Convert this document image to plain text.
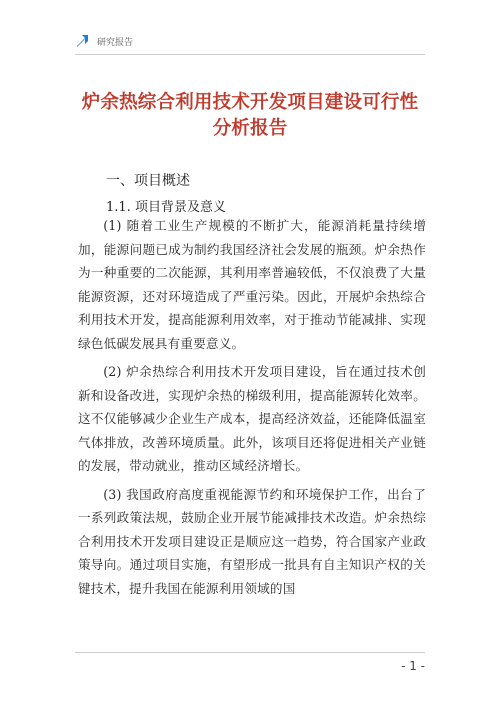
研究报告
炉余热综合利用技术开发项目建设可行性
分析报告
一、项目概述
1.1. 项目背景及意义

(1) 随着工业生产规模的不断扩大，能源消耗量持续增加，能源问题已成为制约我国经济社会发展的瓶颈。炉余热作为一种重要的二次能源，其利用率普遍较低，不仅浪费了大量能源资源，还对环境造成了严重污染。因此，开展炉余热综合利用技术开发，提高能源利用效率，对于推动节能减排、实现绿色低碳发展具有重要意义。

(2) 炉余热综合利用技术开发项目建设，旨在通过技术创新和设备改进，实现炉余热的梯级利用，提高能源转化效率。这不仅能够减少企业生产成本，提高经济效益，还能降低温室气体排放，改善环境质量。此外，该项目还将促进相关产业链的发展，带动就业，推动区域经济增长。

(3) 我国政府高度重视能源节约和环境保护工作，出台了一系列政策法规，鼓励企业开展节能减排技术改造。炉余热综合利用技术开发项目建设正是顺应这一趋势，符合国家产业政策导向。通过项目实施，有望形成一批具有自主知识产权的关键技术，提升我国在能源利用领域的国

- 1 -
